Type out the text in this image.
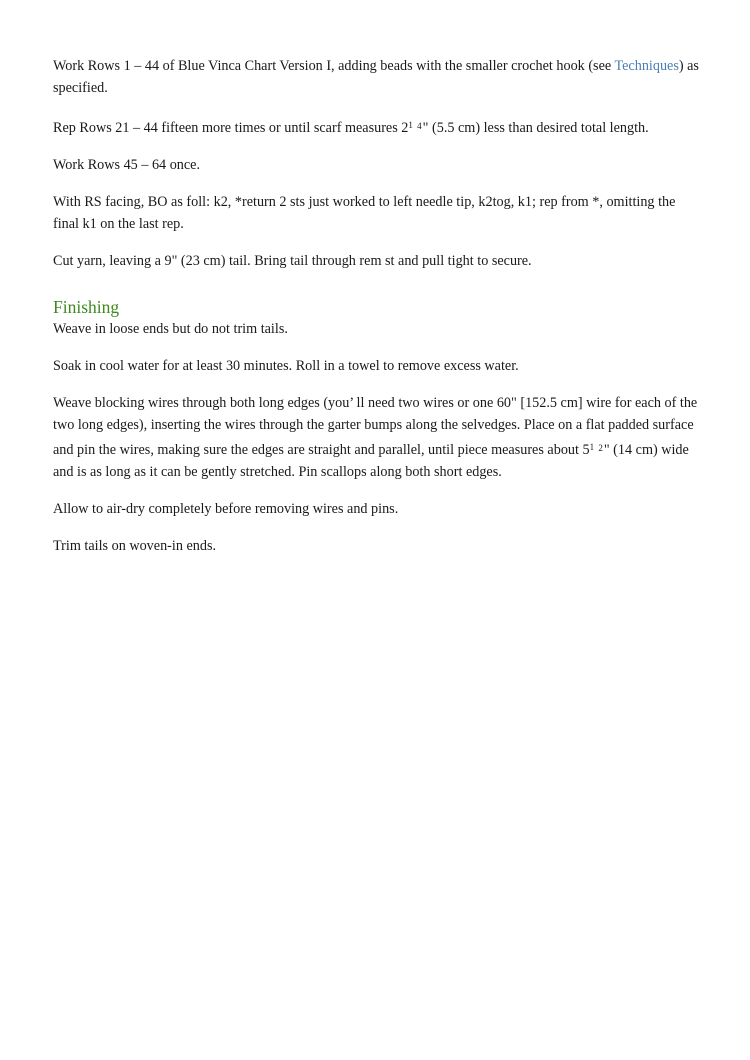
Work Rows 1 – 44 of Blue Vinca Chart Version I, adding beads with the smaller crochet hook (see Techniques) as specified.

Rep Rows 21 – 44 fifteen more times or until scarf measures $2^{1 4}$" (5.5 cm) less than desired total length.

Work Rows 45 – 64 once.

With RS facing, BO as foll: k2, *return 2 sts just worked to left needle tip, k2tog, k1; rep from *, omitting the final k1 on the last rep.

Cut yarn, leaving a 9" (23 cm) tail. Bring tail through rem st and pull tight to secure.

Finishing

Weave in loose ends but do not trim tails.

Soak in cool water for at least 30 minutes. Roll in a towel to remove excess water.

Weave blocking wires through both long edges (you’ ll need two wires or one 60" [152.5 cm] wire for each of the two long edges), inserting the wires through the garter bumps along the selvedges. Place on a flat padded surface and pin the wires, making sure the edges are straight and parallel, until piece measures about $5^{1 2}$" (14 cm) wide and is as long as it can be gently stretched. Pin scallops along both short edges.

Allow to air-dry completely before removing wires and pins.

Trim tails on woven-in ends.
